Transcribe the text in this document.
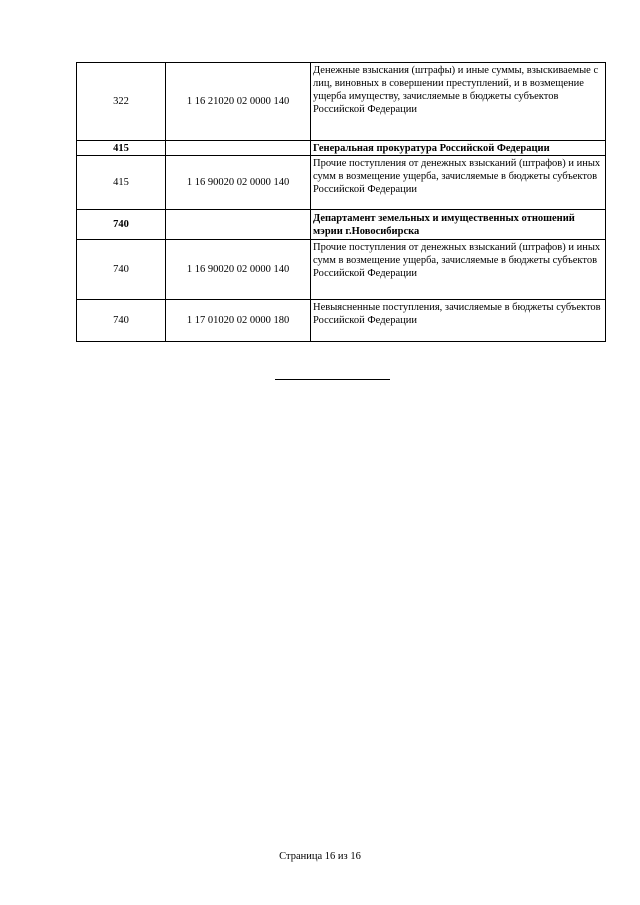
322	1 16 21020 02 0000 140	Денежные взыскания (штрафы) и иные суммы, взыскиваемые с лиц, виновных в совершении преступлений, и в возмещение ущерба имуществу, зачисляемые в бюджеты субъектов Российской Федерации
415		Генеральная прокуратура Российской Федерации
415	1 16 90020 02 0000 140	Прочие поступления от денежных взысканий (штрафов) и иных сумм в возмещение ущерба, зачисляемые в бюджеты субъектов Российской Федерации
740		Департамент земельных и имущественных отношений мэрии г.Новосибирска
740	1 16 90020 02 0000 140	Прочие поступления от денежных взысканий (штрафов) и иных сумм в возмещение ущерба, зачисляемые в бюджеты субъектов Российской Федерации
740	1 17 01020 02 0000 180	Невыясненные поступления, зачисляемые в бюджеты субъектов Российской Федерации
Страница 16 из 16
